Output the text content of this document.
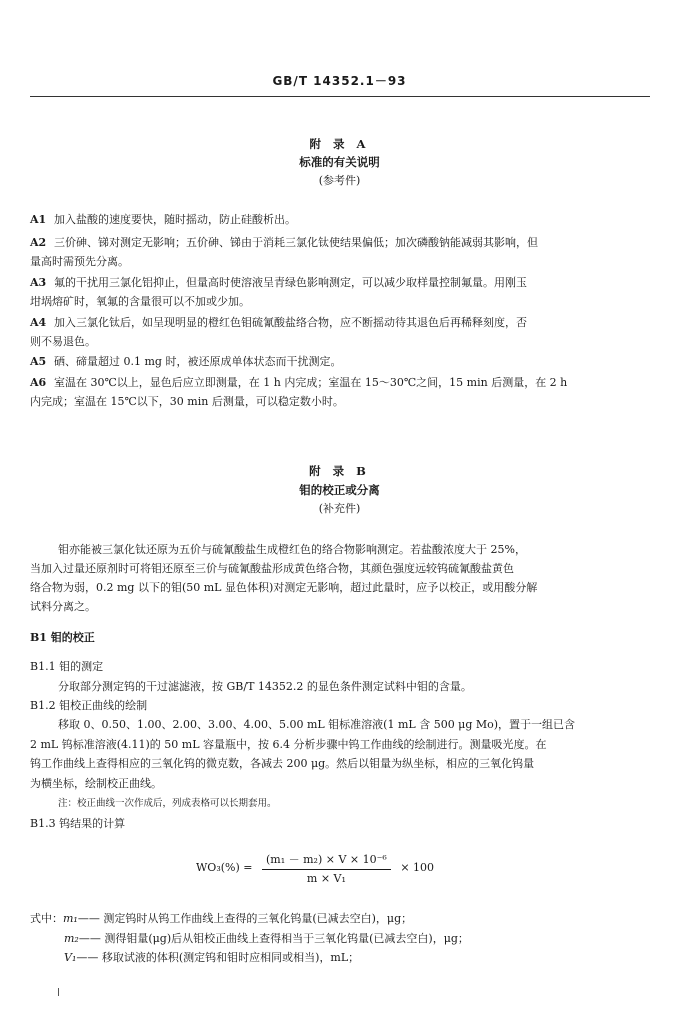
GB/T 14352.1－93
附 录 A
标准的有关说明
(参考件)
A1 加入盐酸的速度要快，随时摇动，防止硅酸析出。
A2 三价砷、锑对测定无影响；五价砷、锑由于消耗三氯化钛使结果偏低；加次磷酸钠能减弱其影响，但
量高时需预先分离。
A3 氟的干扰用三氯化铝抑止，但量高时使溶液呈青绿色影响测定，可以减少取样量控制氟量。用刚玉
坩埚熔矿时，氧氟的含量很可以不加或少加。
A4 加入三氯化钛后，如呈现明显的橙红色钼硫氰酸盐络合物，应不断摇动待其退色后再稀释刻度，否
则不易退色。
A5 硒、碲量超过 0.1 mg 时，被还原成单体状态而干扰测定。
A6 室温在 30℃以上，显色后应立即测量，在 1 h 内完成；室温在 15～30℃之间，15 min 后测量，在 2 h
内完成；室温在 15℃以下，30 min 后测量，可以稳定数小时。
附 录 B
钼的校正或分离
(补充件)
钼亦能被三氯化钛还原为五价与硫氰酸盐生成橙红色的络合物影响测定。若盐酸浓度大于 25%，
当加入过量还原剂时可将钼还原至三价与硫氰酸盐形成黄色络合物，其颜色强度远较钨硫氰酸盐黄色
络合物为弱，0.2 mg 以下的钼(50 mL 显色体积)对测定无影响，超过此量时，应予以校正，或用酸分解
试料分离之。
B1 钼的校正
B1.1 钼的测定
分取部分测定钨的干过滤滤液，按 GB/T 14352.2 的显色条件测定试料中钼的含量。
B1.2 钼校正曲线的绘制
移取 0、0.50、1.00、2.00、3.00、4.00、5.00 mL 钼标准溶液(1 mL 含 500 μg Mo)，置于一组已含
2 mL 钨标准溶液(4.11)的 50 mL 容量瓶中，按 6.4 分析步骤中钨工作曲线的绘制进行。测量吸光度。在
钨工作曲线上查得相应的三氧化钨的微克数，各减去 200 μg。然后以钼量为纵坐标，相应的三氧化钨量
为横坐标，绘制校正曲线。
注：校正曲线一次作成后，列成表格可以长期套用。
B1.3 钨结果的计算
$WO_3(\%) = \frac{\text{(m₁ － m₂) × V × 10⁻⁶}}{\text{m × V₁}} \times 100$
式中：m₁—— 测定钨时从钨工作曲线上查得的三氧化钨量(已减去空白)，μg；
m₂—— 测得钼量(μg)后从钼校正曲线上查得相当于三氧化钨量(已减去空白)，μg；
V₁—— 移取试液的体积(测定钨和钼时应相同或相当)，mL；
